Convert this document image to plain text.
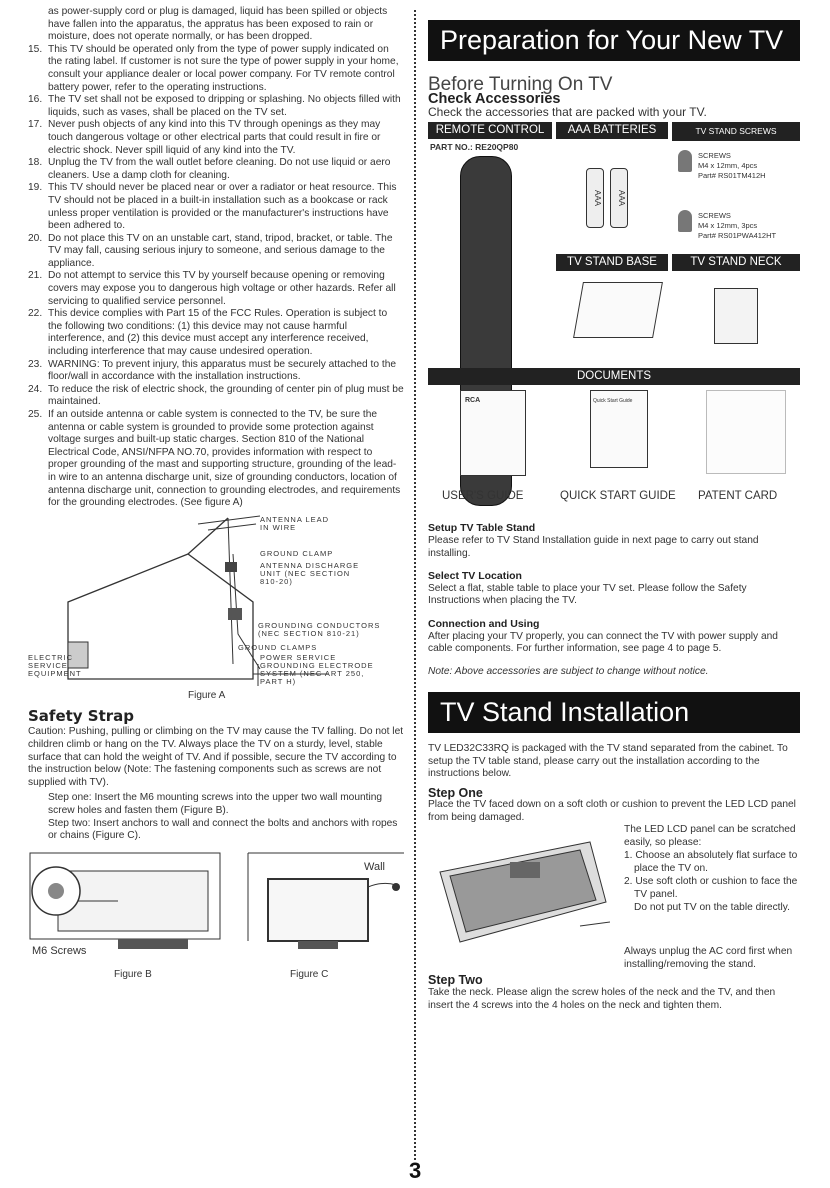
as power-supply cord or plug is damaged, liquid has been spilled or objects have fallen into the apparatus, the appratus has been exposed to rain or moisture, does not operate normally, or has been dropped.
15. This TV should be operated only from the type of power supply indicated on the rating label. If customer is not sure the type of power supply in your home, consult your appliance dealer or local power company. For TV remote control battery power, refer to the operating instructions.
16. The TV set shall not be exposed to dripping or splashing. No objects filled with liquids, such as vases, shall be placed on the TV set.
17. Never push objects of any kind into this TV through openings as they may touch dangerous voltage or other electrical parts that could result in fire or electric shock. Never spill liquid of any kind into the TV.
18. Unplug the TV from the wall outlet before cleaning. Do not use liquid or aero cleaners. Use a damp cloth for cleaning.
19. This TV should never be placed near or over a radiator or heat resource. This TV should not be placed in a built-in installation such as a bookcase or rack unless proper ventilation is provided or the manufacturer's instructions have been adhered to.
20. Do not place this TV on an unstable cart, stand, tripod, bracket, or table. The TV may fall, causing serious injury to someone, and serious damage to the appliance.
21. Do not attempt to service this TV by yourself because opening or removing covers may expose you to dangerous high voltage or other hazards. Refer all servicing to qualified service personnel.
22. This device complies with Part 15 of the FCC Rules. Operation is subject to the following two conditions: (1) this device may not cause harmful interference, and (2) this device must accept any interference received, including interference that may cause undesired operation.
23. WARNING: To prevent injury, this apparatus must be securely attached to the floor/wall in accordance with the installation instructions.
24. To reduce the risk of electric shock, the grounding of center pin of plug must be maintained.
25. If an outside antenna or cable system is connected to the TV, be sure the antenna or cable system is grounded to provide some protection against voltage surges and built-up static charges. Section 810 of the National Electrical Code, ANSI/NFPA NO.70, provides information with respect to proper grounding of the mast and supporting structure, grounding of the lead-in wire to an antenna discharge unit, size of grounding conductors, location of antenna discharge unit, connection to grounding electrodes, and requirements for the grounding electrodes. (See figure A)
ANTENNA LEAD IN WIRE
GROUND CLAMP
ANTENNA DISCHARGE UNIT (NEC SECTION 810-20)
GROUNDING CONDUCTORS (NEC SECTION 810-21)
GROUND CLAMPS
ELECTRIC SERVICE EQUIPMENT
POWER SERVICE GROUNDING ELECTRODE SYSTEM (NEC ART 250, PART H)
Figure A
Safety Strap
Caution: Pushing, pulling or climbing on the TV may cause the TV falling. Do not let children climb or hang on the TV. Always place the TV on a sturdy, level, stable surface that can hold the weight of TV. And if possible, secure the TV according to the instruction below (Note: The fastening components such as screws are not supplied with TV).
Step one: Insert the M6 mounting screws into the upper two wall mounting screw holes and fasten them (Figure B).
Step two: Insert anchors to wall and connect the bolts and anchors with ropes or chains (Figure C).
M6 Screws
Wall
Figure B	Figure C
Preparation for Your New TV
Before Turning On TV
Check Accessories
Check the accessories that are packed with your TV.
REMOTE CONTROL
PART NO.: RE20QP80
AAA BATTERIES
AAA	AAA
TV STAND SCREWS
SCREWS
M4 x 12mm, 4pcs
Part# RS01TM412H
SCREWS
M4 x 12mm, 3pcs
Part# RS01PWA412HT
TV STAND BASE	TV STAND NECK
DOCUMENTS
RCA	Quick Start Guide
USER'S GUIDE	QUICK START GUIDE PATENT CARD
Setup TV Table Stand
Please refer to TV Stand Installation guide in next page to carry out stand installing.
Select TV Location
Select a flat, stable table to place your TV set. Please follow the Safety Instructions when placing the TV.
Connection and Using
After placing your TV properly, you can connect the TV with power supply and cable components. For further information, see page 4 to page 5.
Note: Above accessories are subject to change without notice.
TV Stand Installation
TV LED32C33RQ is packaged with the TV stand separated from the cabinet. To setup the TV table stand, please carry out the installation according to the instructions below.
Step One
Place the TV faced down on a soft cloth or cushion to prevent the LED LCD panel from being damaged.
The LED LCD panel can be scratched easily, so please:
1. Choose an absolutely flat surface to place the TV on.
2. Use soft cloth or cushion to face the TV panel.
Do not put TV on the table directly.
Always unplug the AC cord first when installing/removing the stand.
Step Two
Take the neck. Please align the screw holes of the neck and the TV, and then insert the 4 screws into the 4 holes on the neck and tighten them.
3
